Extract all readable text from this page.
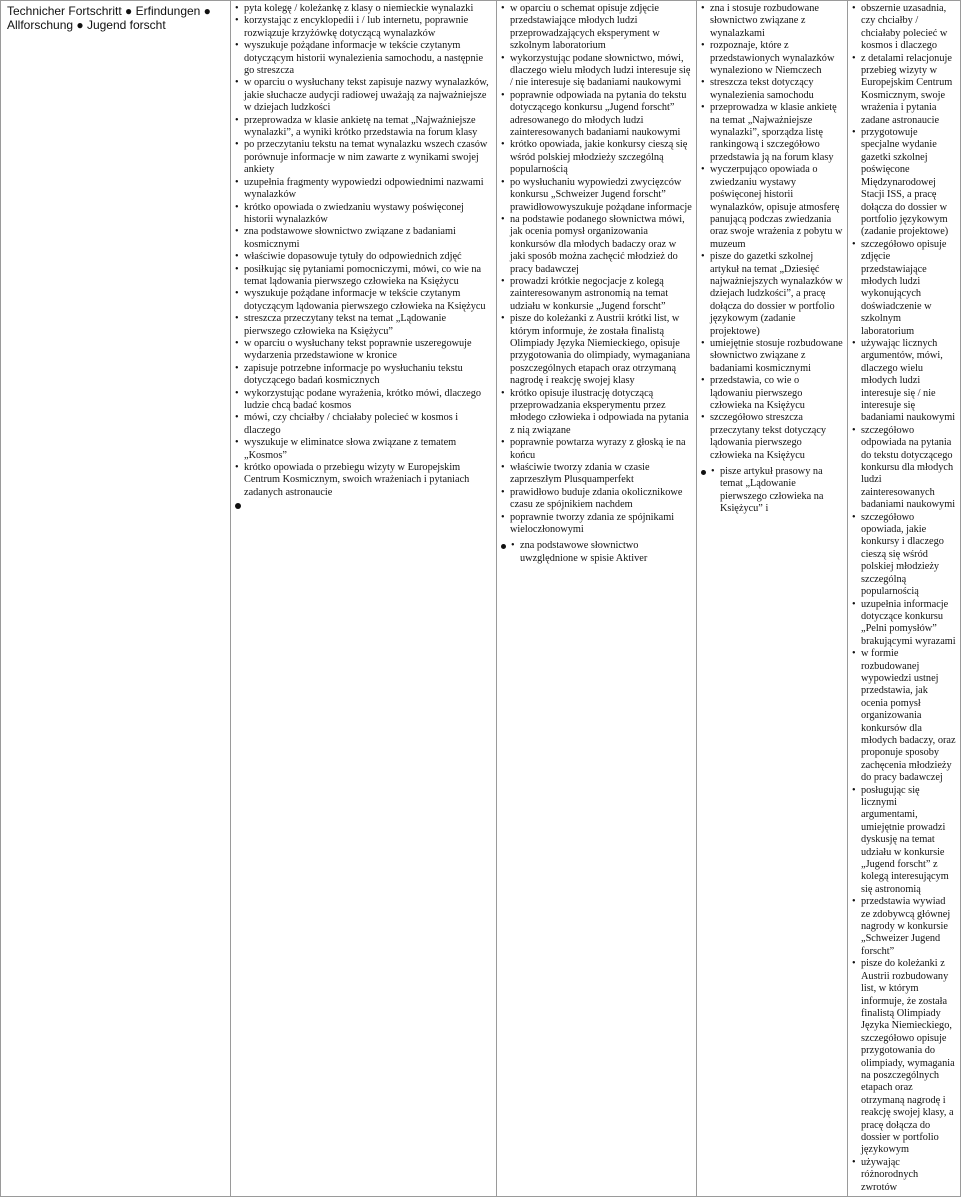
Technicher Fortschritt ● Erfindungen ● Allforschung ● Jugend forscht

• pyta kolegę / koleżankę z klasy o niemieckie wynalazki
• korzystając z encyklopedii i / lub internetu, poprawnie rozwiązuje krzyżówkę dotyczącą wynalazków
• wyszukuje pożądane informacje w tekście czytanym dotyczącym historii wynalezienia samochodu, a następnie go streszcza
• w oparciu o wysłuchany tekst zapisuje nazwy wynalazków, jakie słuchacze audycji radiowej uważają za najważniejsze w dziejach ludzkości
• przeprowadza w klasie ankietę na temat „Najważniejsze wynalazki”, a wyniki krótko przedstawia na forum klasy
• po przeczytaniu tekstu na temat wynalazku wszech czasów porównuje informacje w nim zawarte z wynikami swojej ankiety
• uzupełnia fragmenty wypowiedzi odpowiednimi nazwami wynalazków
• krótko opowiada o zwiedzaniu wystawy poświęconej historii wynalazków
• zna podstawowe słownictwo związane z badaniami kosmicznymi
• właściwie dopasowuje tytuły do odpowiednich zdjęć
• posiłkując się pytaniami pomocniczymi, mówi, co wie na temat lądowania pierwszego człowieka na Księżycu
• wyszukuje pożądane informacje w tekście czytanym dotyczącym lądowania pierwszego człowieka na Księżycu
• streszcza przeczytany tekst na temat „Lądowanie pierwszego człowieka na Księżycu”
• w oparciu o wysłuchany tekst poprawnie uszeregowuje wydarzenia przedstawione w kronice
• zapisuje potrzebne informacje po wysłuchaniu tekstu dotyczącego badań kosmicznych
• wykorzystując podane wyrażenia, krótko mówi, dlaczego ludzie chcą badać kosmos
• mówi, czy chciałby / chciałaby polecieć w kosmos i dlaczego
• wyszukuje w eliminatce słowa związane z tematem „Kosmos”
• krótko opowiada o przebiegu wizyty w Europejskim Centrum Kosmicznym, swoich wrażeniach i pytaniach zadanych astronaucie

• w oparciu o schemat opisuje zdjęcie przedstawiające młodych ludzi przeprowadzających eksperyment w szkolnym laboratorium
• wykorzystując podane słownictwo, mówi, dlaczego wielu młodych ludzi interesuje się / nie interesuje się badaniami naukowymi
• poprawnie odpowiada na pytania do tekstu dotyczącego konkursu „Jugend forscht” adresowanego do młodych ludzi zainteresowanych badaniami naukowymi
• krótko opowiada, jakie konkursy cieszą się wśród polskiej młodzieży szczególną popularnością
• po wysłuchaniu wypowiedzi zwycięzców konkursu „Schweizer Jugend forscht” prawidłowowyszukuje pożądane informacje
• na podstawie podanego słownictwa mówi, jak ocenia pomysł organizowania konkursów dla młodych badaczy oraz w jaki sposób można zachęcić młodzież do pracy badawczej
• prowadzi krótkie negocjacje z kolegą zainteresowanym astronomią na temat udziału w konkursie „Jugend forscht”
• pisze do koleżanki z Austrii krótki list, w którym informuje, że została finalistą Olimpiady Języka Niemieckiego, opisuje przygotowania do olimpiady, wymaganiana poszczególnych etapach oraz otrzymaną nagrodę i reakcję swojej klasy
• krótko opisuje ilustrację dotyczącą przeprowadzania eksperymentu przez młodego człowieka i odpowiada na pytania z nią związane
• poprawnie powtarza wyrazy z głoską ie na końcu
• właściwie tworzy zdania w czasie zaprzeszłym Plusquamperfekt
• prawidłowo buduje zdania okolicznikowe czasu ze spójnikiem nachdem
• poprawnie tworzy zdania ze spójnikami wieloczłonowymi
• zna podstawowe słownictwo uwzględnione w spisie Aktiver

• zna i stosuje rozbudowane słownictwo związane z wynalazkami
• rozpoznaje, które z przedstawionych wynalazków wynaleziono w Niemczech
• streszcza tekst dotyczący wynalezienia samochodu
• przeprowadza w klasie ankietę na temat „Najważniejsze wynalazki”, sporządza listę rankingową i szczegółowo przedstawia ją na forum klasy
• wyczerpująco opowiada o zwiedzaniu wystawy poświęconej historii wynalazków, opisuje atmosferę panującą podczas zwiedzania oraz swoje wrażenia z pobytu w muzeum
• pisze do gazetki szkolnej artykuł na temat „Dziesięć najważniejszych wynalazków w dziejach ludzkości”, a pracę dołącza do dossier w portfolio językowym (zadanie projektowe)
• umiejętnie stosuje rozbudowane słownictwo związane z badaniami kosmicznymi
• przedstawia, co wie o lądowaniu pierwszego człowieka na Księżycu
• szczegółowo streszcza przeczytany tekst dotyczący lądowania pierwszego człowieka na Księżycu
• pisze artykuł prasowy na temat „Lądowanie pierwszego człowieka na Księżycu” i

• obszernie uzasadnia, czy chciałby / chciałaby polecieć w kosmos i dlaczego
• z detalami relacjonuje przebieg wizyty w Europejskim Centrum Kosmicznym, swoje wrażenia i pytania zadane astronaucie
• przygotowuje specjalne wydanie gazetki szkolnej poświęcone Międzynarodowej Stacji ISS, a pracę dołącza do dossier w portfolio językowym (zadanie projektowe)
• szczegółowo opisuje zdjęcie przedstawiające młodych ludzi wykonujących doświadczenie w szkolnym laboratorium
• używając licznych argumentów, mówi, dlaczego wielu młodych ludzi interesuje się / nie interesuje się badaniami naukowymi
• szczegółowo odpowiada na pytania do tekstu dotyczącego konkursu dla młodych ludzi zainteresowanych badaniami naukowymi
• szczegółowo opowiada, jakie konkursy i dlaczego cieszą się wśród polskiej młodzieży szczególną popularnością
• uzupełnia informacje dotyczące konkursu „Pelni pomysłów” brakującymi wyrazami
• w formie rozbudowanej wypowiedzi ustnej przedstawia, jak ocenia pomysł organizowania konkursów dla młodych badaczy, oraz proponuje sposoby zachęcenia młodzieży do pracy badawczej
• posługując się licznymi argumentami, umiejętnie prowadzi dyskusję na temat udziału w konkursie „Jugend forscht” z kolegą interesującym się astronomią
• przedstawia wywiad ze zdobywcą głównej nagrody w konkursie „Schweizer Jugend forscht”
• pisze do koleżanki z Austrii rozbudowany list, w którym informuje, że została finalistą Olimpiady Języka Niemieckiego, szczegółowo opisuje przygotowania do olimpiady, wymagania na poszczególnych etapach oraz otrzymaną nagrodę i reakcję swojej klasy, a pracę dołącza do dossier w portfolio językowym
• używając różnorodnych zwrotów
